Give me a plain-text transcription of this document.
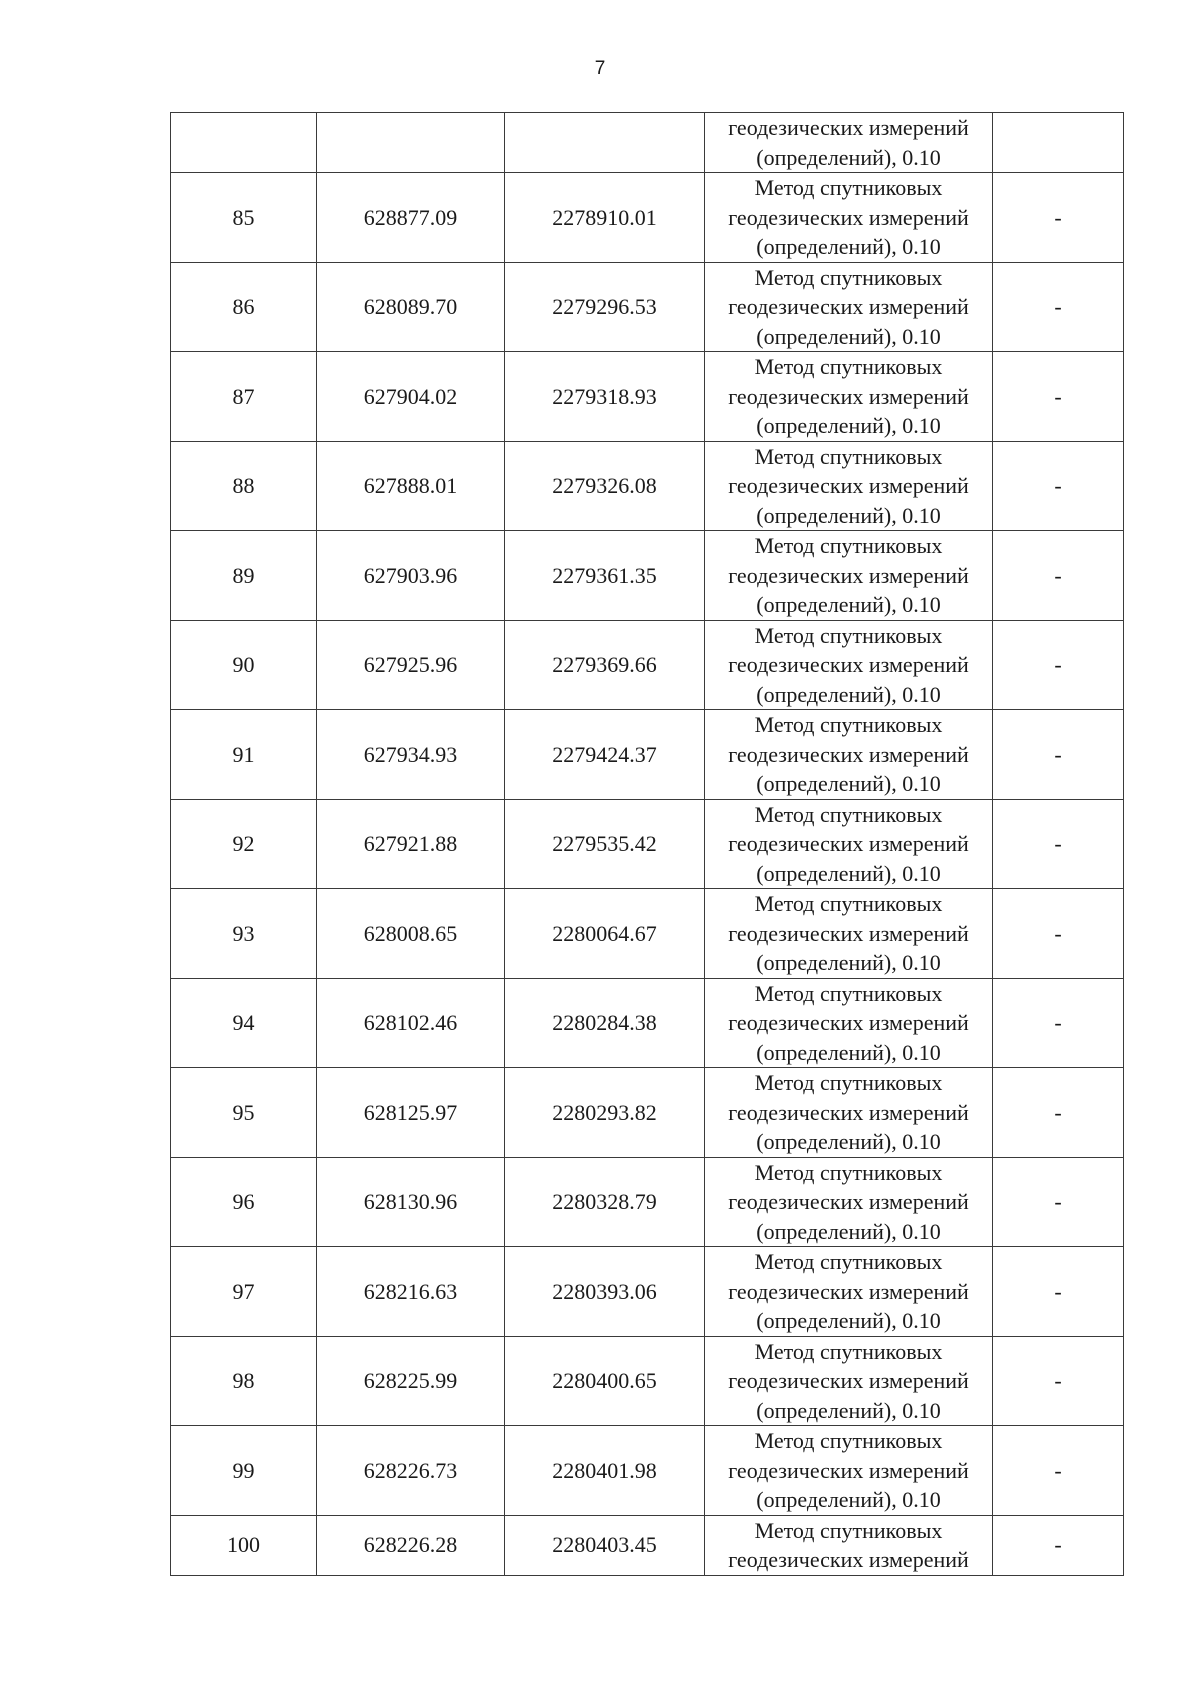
7

			геодезических измерений
(определений), 0.10	

85	628877.09	2278910.01	Метод спутниковых
геодезических измерений
(определений), 0.10	-
86	628089.70	2279296.53	Метод спутниковых
геодезических измерений
(определений), 0.10	-
87	627904.02	2279318.93	Метод спутниковых
геодезических измерений
(определений), 0.10	-
88	627888.01	2279326.08	Метод спутниковых
геодезических измерений
(определений), 0.10	-
89	627903.96	2279361.35	Метод спутниковых
геодезических измерений
(определений), 0.10	-
90	627925.96	2279369.66	Метод спутниковых
геодезических измерений
(определений), 0.10	-
91	627934.93	2279424.37	Метод спутниковых
геодезических измерений
(определений), 0.10	-
92	627921.88	2279535.42	Метод спутниковых
геодезических измерений
(определений), 0.10	-
93	628008.65	2280064.67	Метод спутниковых
геодезических измерений
(определений), 0.10	-
94	628102.46	2280284.38	Метод спутниковых
геодезических измерений
(определений), 0.10	-
95	628125.97	2280293.82	Метод спутниковых
геодезических измерений
(определений), 0.10	-
96	628130.96	2280328.79	Метод спутниковых
геодезических измерений
(определений), 0.10	-
97	628216.63	2280393.06	Метод спутниковых
геодезических измерений
(определений), 0.10	-
98	628225.99	2280400.65	Метод спутниковых
геодезических измерений
(определений), 0.10	-
99	628226.73	2280401.98	Метод спутниковых
геодезических измерений
(определений), 0.10	-
100	628226.28	2280403.45	Метод спутниковых
геодезических измерений	-
